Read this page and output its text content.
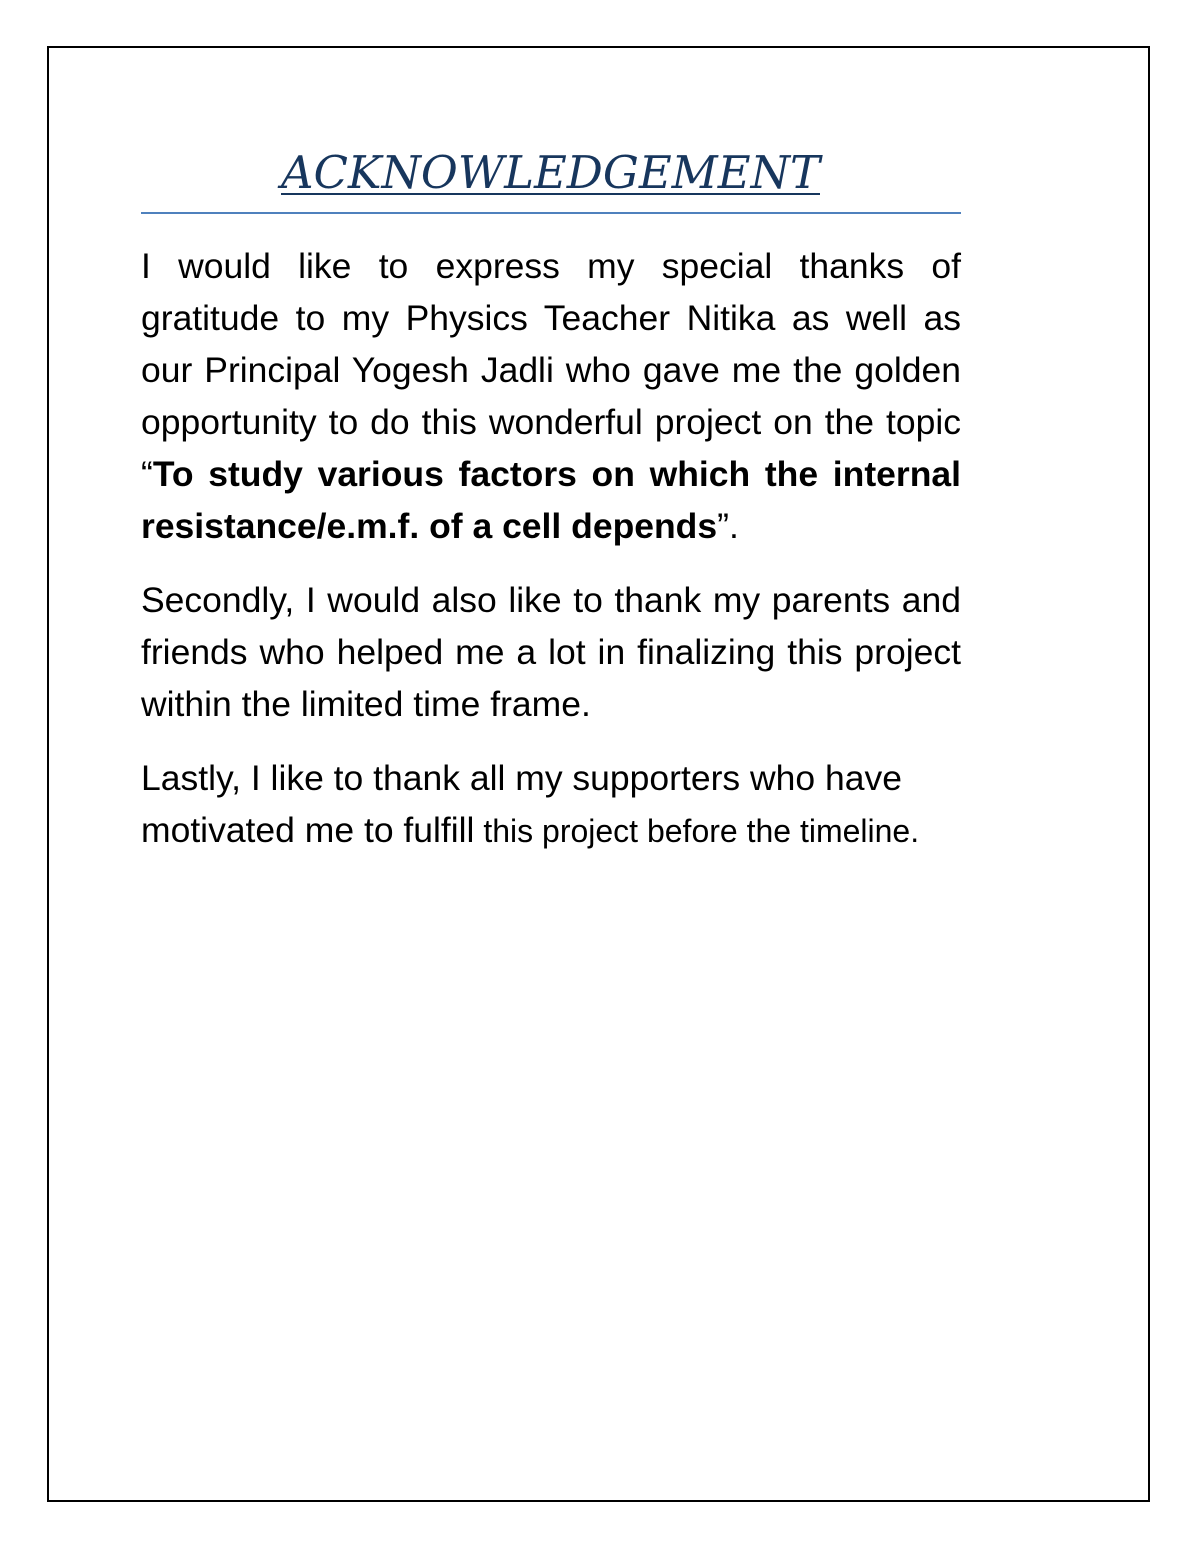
ACKNOWLEDGEMENT

I would like to express my special thanks of gratitude to my Physics Teacher Nitika as well as our Principal Yogesh Jadli who gave me the golden opportunity to do this wonderful project on the topic “To study various factors on which the internal resistance/e.m.f. of a cell depends”.

Secondly, I would also like to thank my parents and friends who helped me a lot in finalizing this project within the limited time frame.

Lastly, I like to thank all my supporters who have motivated me to fulfill this project before the timeline.
